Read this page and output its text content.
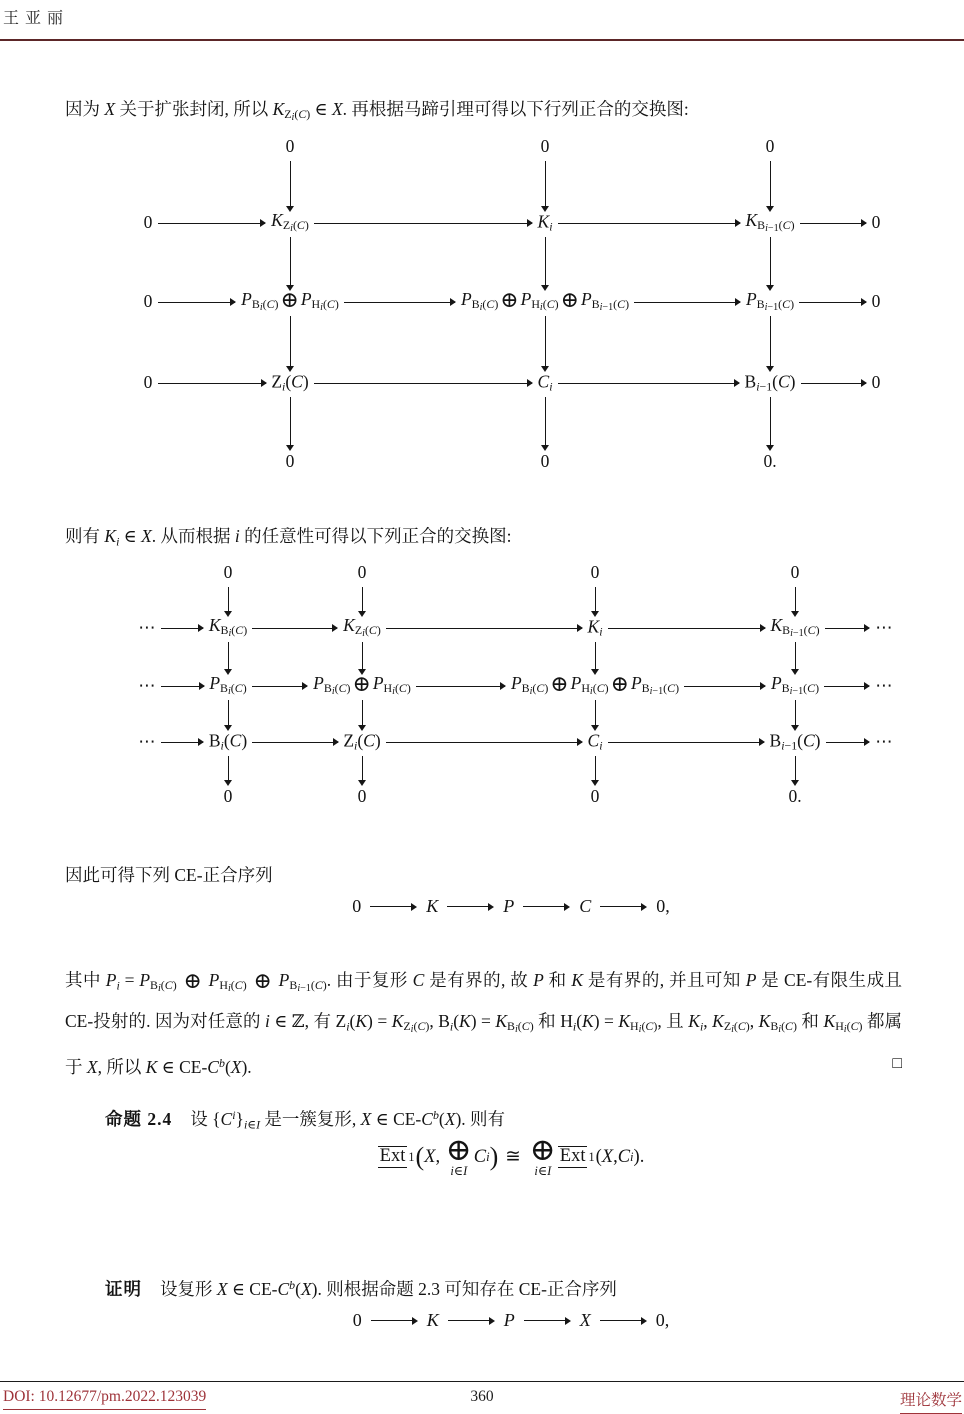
王亚丽

因为 X 关于扩张封闭, 所以 $K_{Z_i(C)}$ ∈ X. 再根据马蹄引理可得以下行列正合的交换图:

0	0	0
0	$K_{Z_i(C)}$	$K_i$	$K_{B_{i-1}(C)}$	0
0	$P_{B_i(C)}\oplus$ $P_{H_i(C)}$	$P_{B_i(C)}\oplus$ $P_{H_i(C)}\oplus$ $P_{B_{i-1}(C)}$	$P_{B_{i-1}(C)}$	0
0	$Z_i(C)$	$C_i$	$B_{i-1}(C)$	0
0	0	0.

则有 $K_i$ ∈ X. 从而根据 i 的任意性可得以下列正合的交换图:

0	0	0	0
⋯	$K_{B_i(C)}$	$K_{Z_i(C)}$	$K_i$	$K_{B_{i-1}(C)}$	⋯
⋯	$P_{B_i(C)}$	$P_{B_i(C)}\oplus$ $P_{H_i(C)}$	$P_{B_i(C)}\oplus$ $P_{H_i(C)}\oplus$ $P_{B_{i-1}(C)}$	$P_{B_{i-1}(C)}$	⋯
⋯	$B_i(C)$	$Z_i(C)$	$C_i$	$B_{i-1}(C)$	⋯
0	0	0	0.

因此可得下列 CE-正合序列

0	K	P	C	0,

其中 $P_i = P_{B_i(C)}$ ⊕ $P_{H_i(C)}$ ⊕ $P_{B_{i-1}(C)}$. 由于复形 C 是有界的, 故 P 和 K 是有界的, 并且可知 P 是 CE-有限生成且 CE-投射的. 因为对任意的 i ∈ ℤ, 有 $Z_i(K) = K_{Z_i(C)}$, $B_i(K) = K_{B_i(C)}$ 和 $H_i(K) = K_{H_i(C)}$, 且 $K_i$, $K_{Z_i(C)}$, $K_{B_i(C)}$ 和 $K_{H_i(C)}$ 都属于 X, 所以 K ∈ $CE-C^b(X)$.	□

命题 2.4 设 $\{C^i\}_{i\in I}$ 是一簇复形, X ∈ $CE-C^b(X)$. 则有

Ext 1 ( X ,  ⊕
i∈I
C i ) ≅ ⊕
i∈I
Ext 1 ( X , C i ).

证明 设复形 X ∈ $CE-C^b(X)$. 则根据命题 2.3 可知存在 CE-正合序列

0	K	P	X	0,
DOI: 10.12677/pm.2022.123039	360	理论数学
